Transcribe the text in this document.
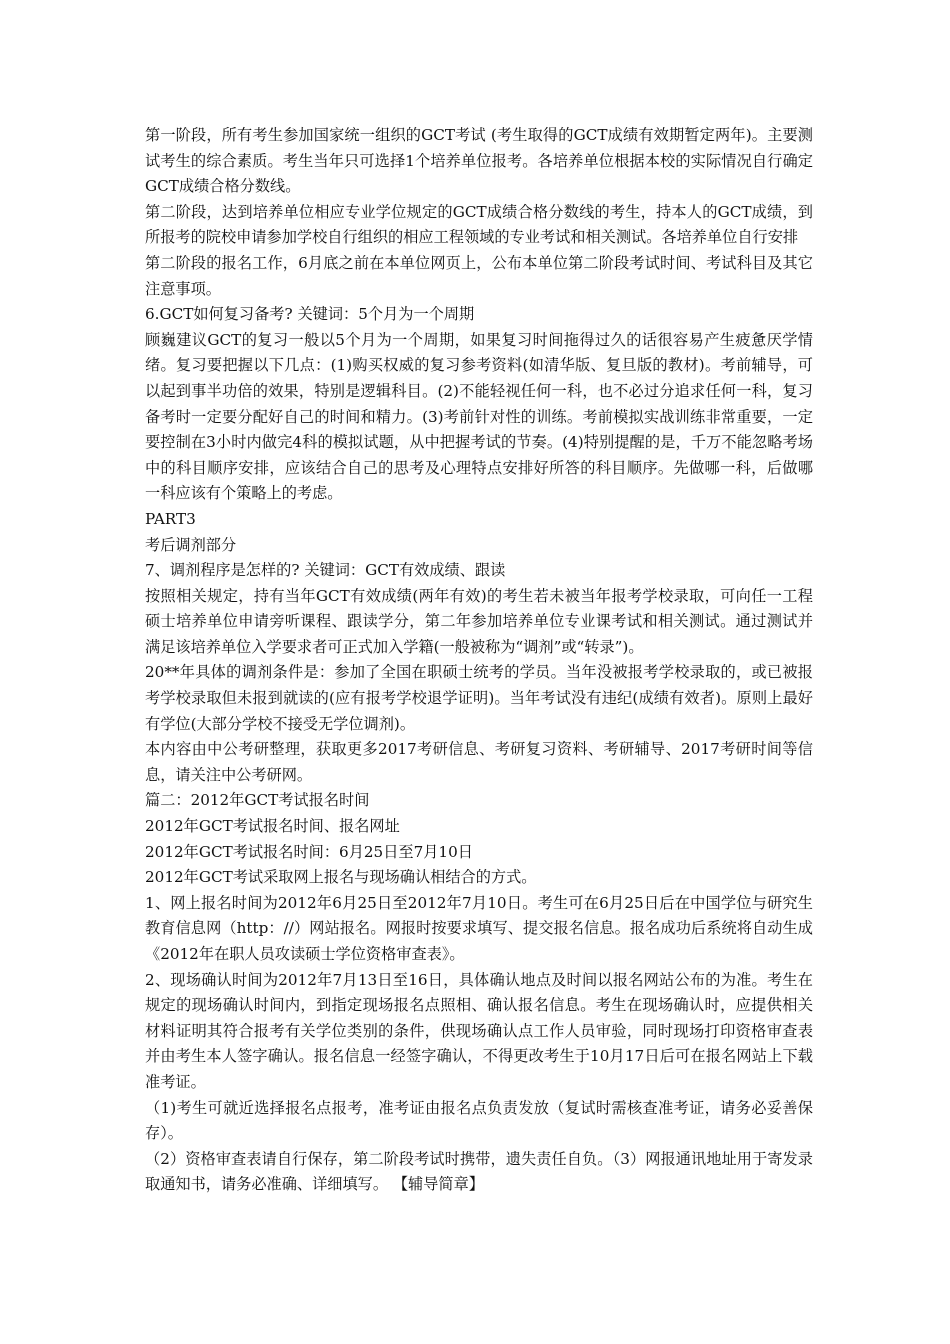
第一阶段，所有考生参加国家统一组织的GCT考试 (考生取得的GCT成绩有效期暂定两年)。主要测试考生的综合素质。考生当年只可选择1个培养单位报考。各培养单位根据本校的实际情况自行确定GCT成绩合格分数线。

第二阶段，达到培养单位相应专业学位规定的GCT成绩合格分数线的考生，持本人的GCT成绩，到所报考的院校申请参加学校自行组织的相应工程领域的专业考试和相关测试。各培养单位自行安排

第二阶段的报名工作，6月底之前在本单位网页上，公布本单位第二阶段考试时间、考试科目及其它注意事项。

6.GCT如何复习备考? 关键词：5个月为一个周期

顾巍建议GCT的复习一般以5个月为一个周期，如果复习时间拖得过久的话很容易产生疲惫厌学情绪。复习要把握以下几点：(1)购买权威的复习参考资料(如清华版、复旦版的教材)。考前辅导，可以起到事半功倍的效果，特别是逻辑科目。(2)不能轻视任何一科，也不必过分追求任何一科，复习备考时一定要分配好自己的时间和精力。(3)考前针对性的训练。考前模拟实战训练非常重要，一定要控制在3小时内做完4科的模拟试题，从中把握考试的节奏。(4)特别提醒的是，千万不能忽略考场中的科目顺序安排，应该结合自己的思考及心理特点安排好所答的科目顺序。先做哪一科，后做哪一科应该有个策略上的考虑。

PART3

考后调剂部分

7、调剂程序是怎样的? 关键词：GCT有效成绩、跟读

按照相关规定，持有当年GCT有效成绩(两年有效)的考生若未被当年报考学校录取，可向任一工程硕士培养单位申请旁听课程、跟读学分，第二年参加培养单位专业课考试和相关测试。通过测试并满足该培养单位入学要求者可正式加入学籍(一般被称为“调剂”或“转录”)。

20**年具体的调剂条件是：参加了全国在职硕士统考的学员。当年没被报考学校录取的，或已被报考学校录取但未报到就读的(应有报考学校退学证明)。当年考试没有违纪(成绩有效者)。原则上最好有学位(大部分学校不接受无学位调剂)。

本内容由中公考研整理，获取更多2017考研信息、考研复习资料、考研辅导、2017考研时间等信息，请关注中公考研网。

篇二：2012年GCT考试报名时间

2012年GCT考试报名时间、报名网址

2012年GCT考试报名时间：6月25日至7月10日

2012年GCT考试采取网上报名与现场确认相结合的方式。

1、网上报名时间为2012年6月25日至2012年7月10日。考生可在6月25日后在中国学位与研究生教育信息网（http：//）网站报名。网报时按要求填写、提交报名信息。报名成功后系统将自动生成《2012年在职人员攻读硕士学位资格审查表》。

2、现场确认时间为2012年7月13日至16日，具体确认地点及时间以报名网站公布的为准。考生在规定的现场确认时间内，到指定现场报名点照相、确认报名信息。考生在现场确认时，应提供相关材料证明其符合报考有关学位类别的条件，供现场确认点工作人员审验，同时现场打印资格审查表并由考生本人签字确认。报名信息一经签字确认，不得更改考生于10月17日后可在报名网站上下载准考证。

（1)考生可就近选择报名点报考，准考证由报名点负责发放（复试时需核查准考证，请务必妥善保存）。

（2）资格审查表请自行保存，第二阶段考试时携带，遗失责任自负。（3）网报通讯地址用于寄发录取通知书，请务必准确、详细填写。 【辅导简章】
